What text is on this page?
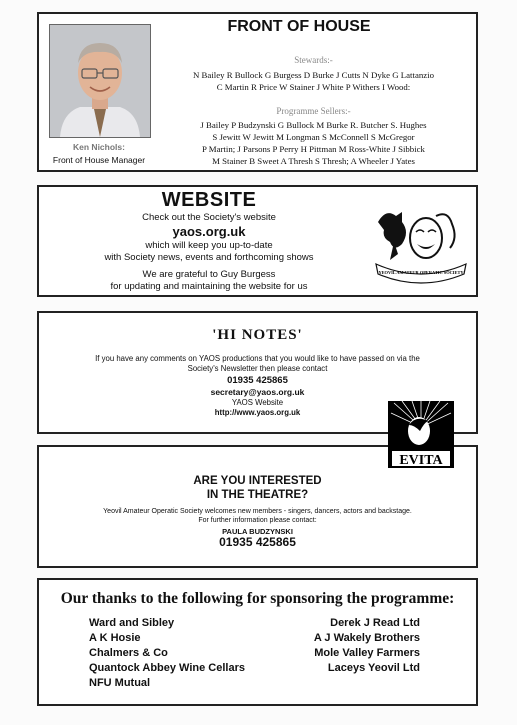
Ken Nichols:
Front of House Manager
FRONT OF HOUSE
Stewards:-
N Bailey R Bullock G Burgess D Burke J Cutts N Dyke G Lattanzio
C Martin R Price W Stainer J White P Withers I Wood:
Programme Sellers:-
J Bailey P Budzynski G Bullock M Burke R. Butcher S. Hughes
S Jewitt W Jewitt M Longman S McConnell S McGregor
P Martin; J Parsons P Perry H Pittman M Ross-White J Sibbick
M Stainer B Sweet A Thresh S Thresh; A Wheeler J Yates
WEBSITE
Check out the Society's website
yaos.org.uk
which will keep you up-to-date
with Society news, events and forthcoming shows
We are grateful to Guy Burgess
for updating and maintaining the website for us
YEOVIL AMATEUR OPERATIC SOCIETY
'HI NOTES'
If you have any comments on YAOS productions that you would like to have passed on via the
Society's Newsletter then please contact
01935 425865
secretary@yaos.org.uk
YAOS Website
http://www.yaos.org.uk
EVITA
ARE YOU INTERESTED
IN THE THEATRE?
Yeovil Amateur Operatic Society welcomes new members - singers, dancers, actors and backstage.
For further information please contact:
PAULA BUDZYNSKI
01935 425865
Our thanks to the following for sponsoring the programme:
Ward and Sibley
A K Hosie
Chalmers & Co
Quantock Abbey Wine Cellars
NFU Mutual
Derek J Read Ltd
A J Wakely Brothers
Mole Valley Farmers
Laceys Yeovil Ltd
